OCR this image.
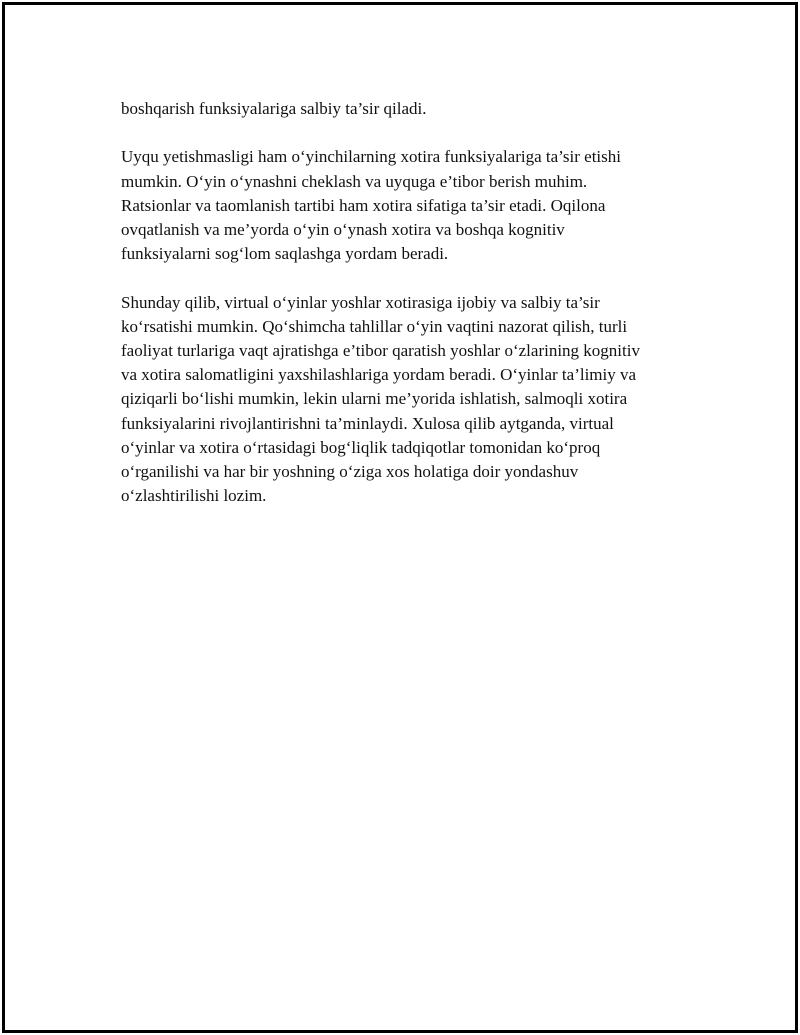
boshqarish funksiyalariga salbiy ta’sir qiladi.

Uyqu yetishmasligi ham o‘yinchilarning xotira funksiyalariga ta’sir etishi
mumkin. O‘yin o‘ynashni cheklash va uyquga e’tibor berish muhim.
Ratsionlar va taomlanish tartibi ham xotira sifatiga ta’sir etadi. Oqilona
ovqatlanish va me’yorda o‘yin o‘ynash xotira va boshqa kognitiv
funksiyalarni sog‘lom saqlashga yordam beradi.

Shunday qilib, virtual o‘yinlar yoshlar xotirasiga ijobiy va salbiy ta’sir
ko‘rsatishi mumkin. Qo‘shimcha tahlillar o‘yin vaqtini nazorat qilish, turli
faoliyat turlariga vaqt ajratishga e’tibor qaratish yoshlar o‘zlarining kognitiv
va xotira salomatligini yaxshilashlariga yordam beradi. O‘yinlar ta’limiy va
qiziqarli bo‘lishi mumkin, lekin ularni me’yorida ishlatish, salmoqli xotira
funksiyalarini rivojlantirishni ta’minlaydi. Xulosa qilib aytganda, virtual
o‘yinlar va xotira o‘rtasidagi bog‘liqlik tadqiqotlar tomonidan ko‘proq
o‘rganilishi va har bir yoshning o‘ziga xos holatiga doir yondashuv
o‘zlashtirilishi lozim.
